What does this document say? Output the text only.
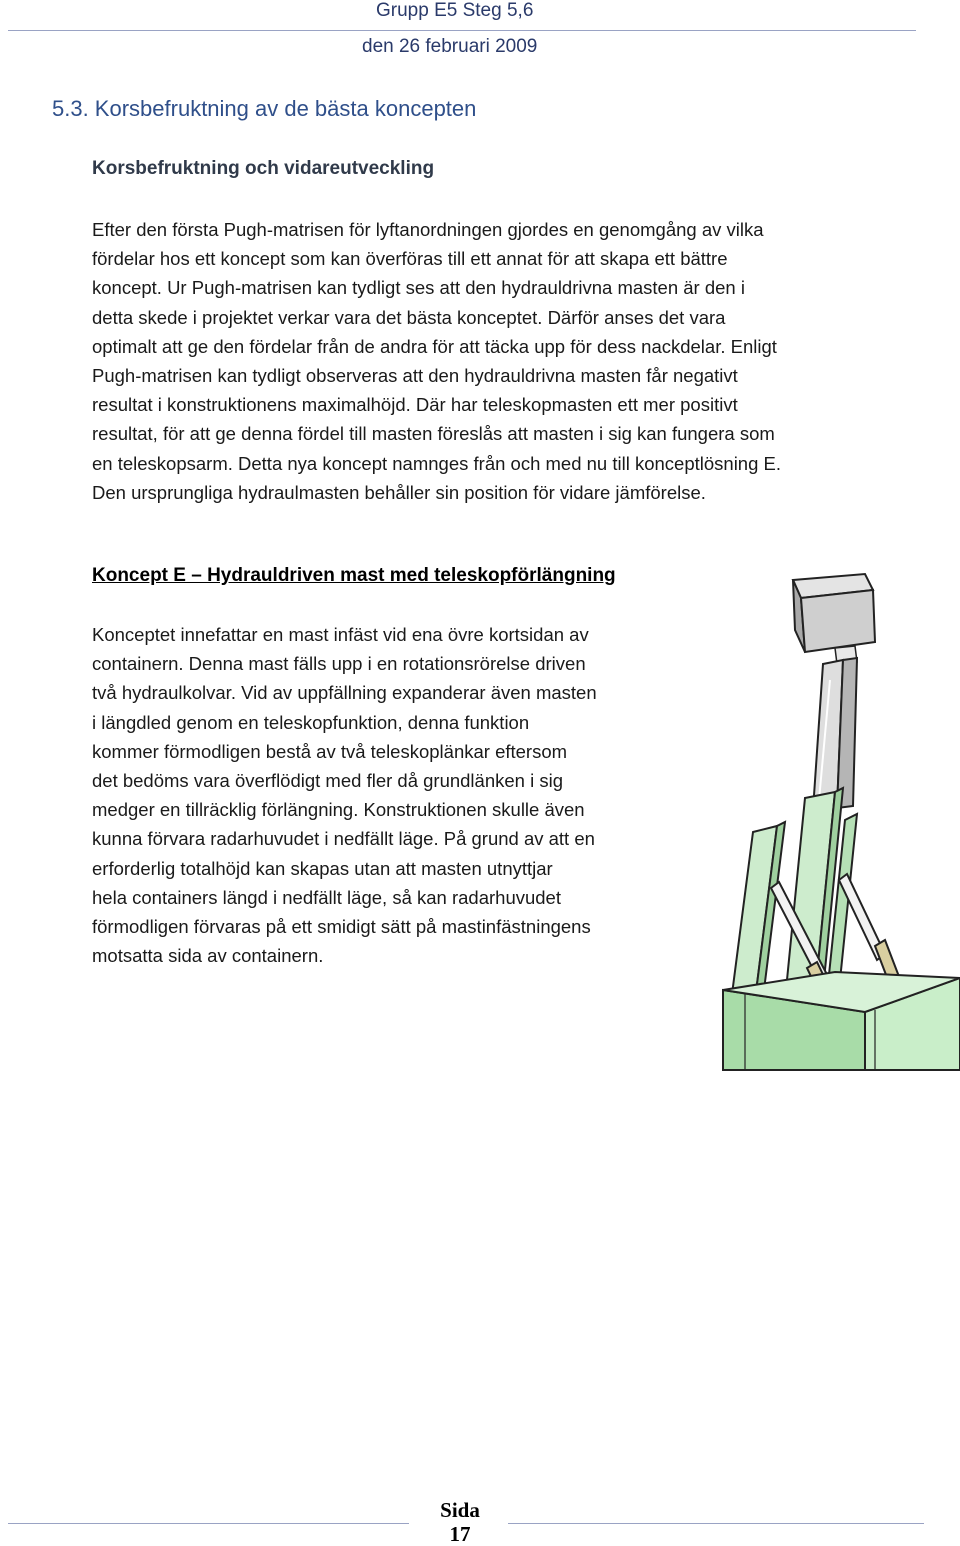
Grupp E5 Steg 5,6
den 26 februari 2009
5.3. Korsbefruktning av de bästa koncepten
Korsbefruktning och vidareutveckling
Efter den första Pugh-matrisen för lyftanordningen gjordes en genomgång av vilka
fördelar hos ett koncept som kan överföras till ett annat för att skapa ett bättre
koncept. Ur Pugh-matrisen kan tydligt ses att den hydrauldrivna masten är den i
detta skede i projektet verkar vara det bästa konceptet. Därför anses det vara
optimalt att ge den fördelar från de andra för att täcka upp för dess nackdelar. Enligt
Pugh-matrisen kan tydligt observeras att den hydrauldrivna masten får negativt
resultat i konstruktionens maximalhöjd. Där har teleskopmasten ett mer positivt
resultat, för att ge denna fördel till masten föreslås att masten i sig kan fungera som
en teleskopsarm. Detta nya koncept namnges från och med nu till konceptlösning E.
Den ursprungliga hydraulmasten behåller sin position för vidare jämförelse.
Koncept E – Hydrauldriven mast med teleskopförlängning
Konceptet innefattar en mast infäst vid ena övre kortsidan av
containern. Denna mast fälls upp i en rotationsrörelse driven
två hydraulkolvar. Vid av uppfällning expanderar även masten
i längdled genom en teleskopfunktion, denna funktion
kommer förmodligen bestå av två teleskoplänkar eftersom
det bedöms vara överflödigt med fler då grundlänken i sig
medger en tillräcklig förlängning. Konstruktionen skulle även
kunna förvara radarhuvudet i nedfällt läge. På grund av att en
erforderlig totalhöjd kan skapas utan att masten utnyttjar
hela containers längd i nedfällt läge, så kan radarhuvudet
förmodligen förvaras på ett smidigt sätt på mastinfästningens
motsatta sida av containern.
Sida
17
